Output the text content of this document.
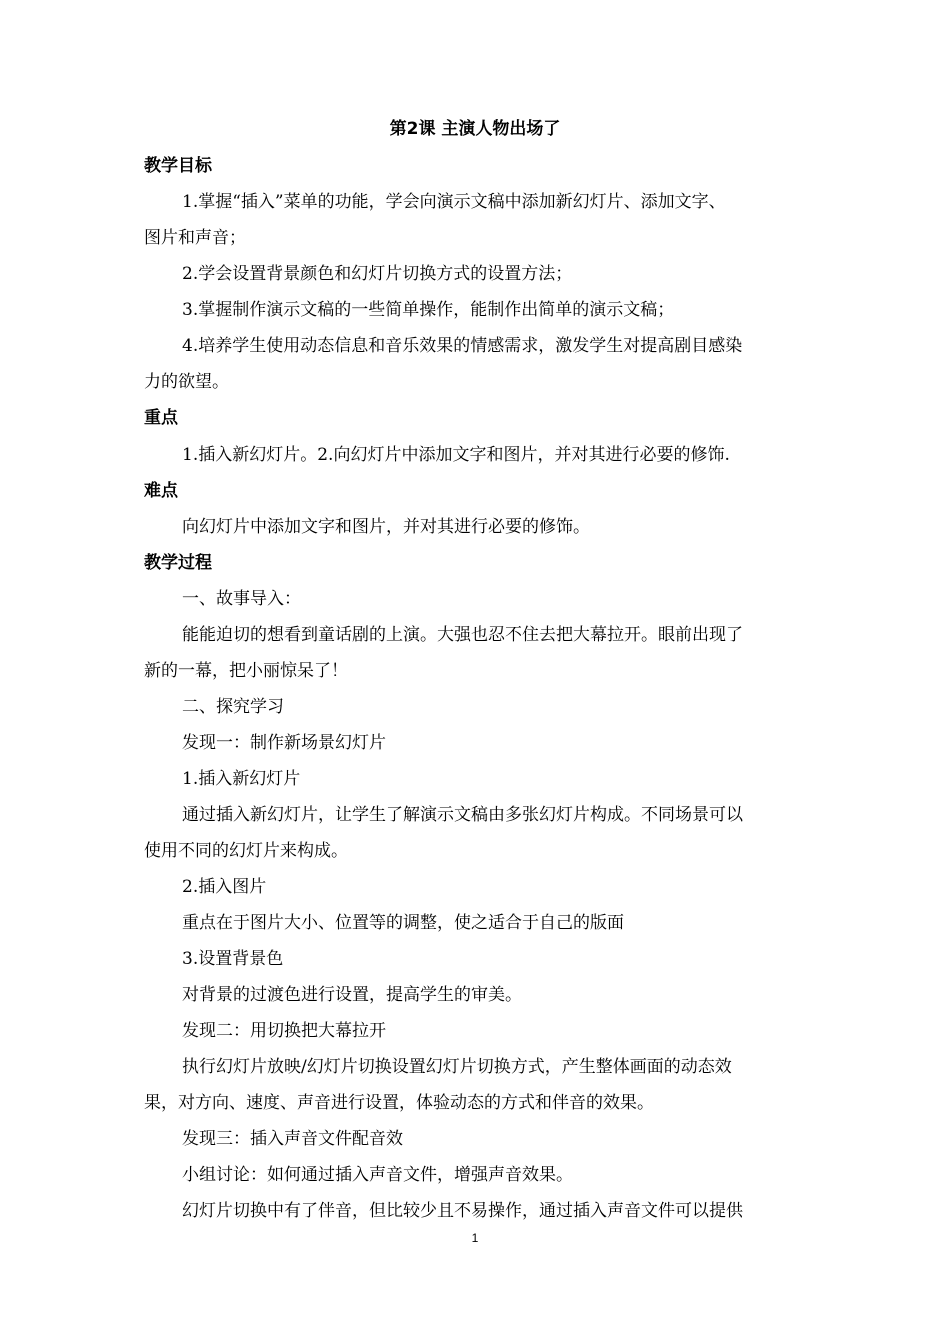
第2课 主演人物出场了
教学目标
1.掌握“插入”菜单的功能，学会向演示文稿中添加新幻灯片、添加文字、
图片和声音；
2.学会设置背景颜色和幻灯片切换方式的设置方法；
3.掌握制作演示文稿的一些简单操作，能制作出简单的演示文稿；
4.培养学生使用动态信息和音乐效果的情感需求，激发学生对提高剧目感染
力的欲望。
重点
1.插入新幻灯片。2.向幻灯片中添加文字和图片，并对其进行必要的修饰.
难点
向幻灯片中添加文字和图片，并对其进行必要的修饰。
教学过程
一、故事导入：
能能迫切的想看到童话剧的上演。大强也忍不住去把大幕拉开。眼前出现了
新的一幕，把小丽惊呆了！
二、探究学习
发现一：制作新场景幻灯片
1.插入新幻灯片
通过插入新幻灯片，让学生了解演示文稿由多张幻灯片构成。不同场景可以
使用不同的幻灯片来构成。
2.插入图片
重点在于图片大小、位置等的调整，使之适合于自己的版面
3.设置背景色
对背景的过渡色进行设置，提高学生的审美。
发现二：用切换把大幕拉开
执行幻灯片放映/幻灯片切换设置幻灯片切换方式，产生整体画面的动态效
果，对方向、速度、声音进行设置，体验动态的方式和伴音的效果。
发现三：插入声音文件配音效
小组讨论：如何通过插入声音文件，增强声音效果。
幻灯片切换中有了伴音，但比较少且不易操作，通过插入声音文件可以提供
1
